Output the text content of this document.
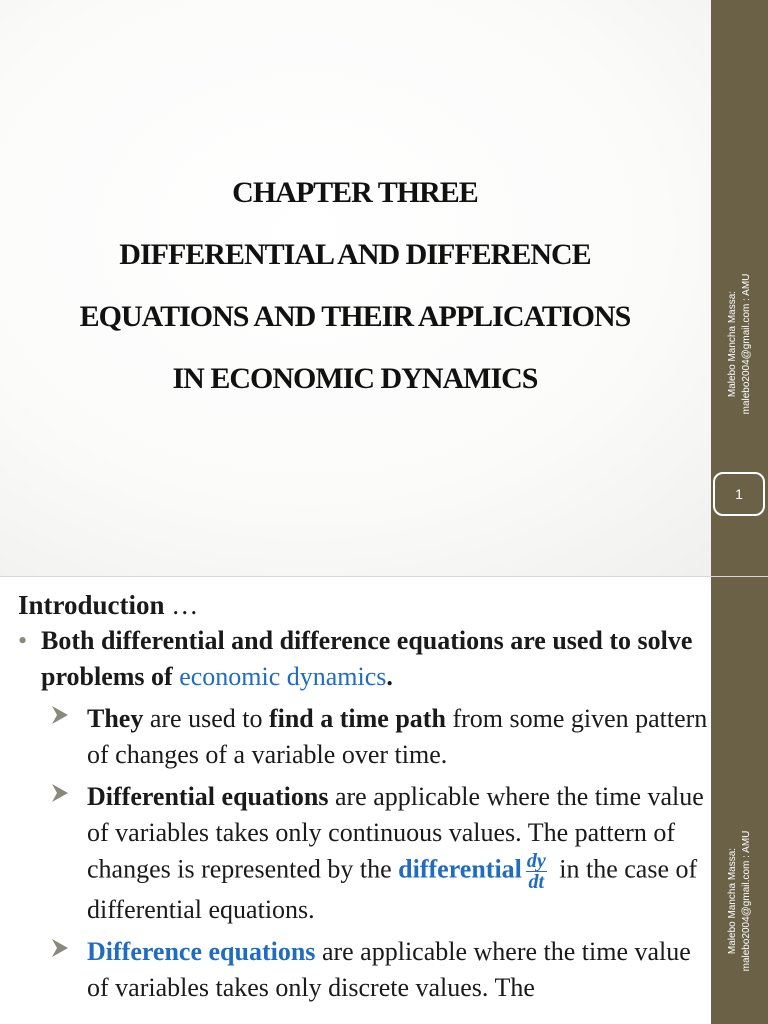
CHAPTER THREE
DIFFERENTIAL AND DIFFERENCE
EQUATIONS AND THEIR APPLICATIONS
IN ECONOMIC DYNAMICS	Malebo Mancha Massa: malebo2004@gmail.com : AMU
1
Introduction …
• Both differential and difference equations are used to solve problems of economic dynamics.
They are used to find a time path from some given pattern of changes of a variable over time.
Differential equations are applicable where the time value of variables takes only continuous values. The pattern of changes is represented by the differential $\frac{dy}{dt}$ in the case of differential equations.
Difference equations are applicable where the time value of variables takes only discrete values. The
Malebo Mancha Massa: malebo2004@gmail.com : AMU
